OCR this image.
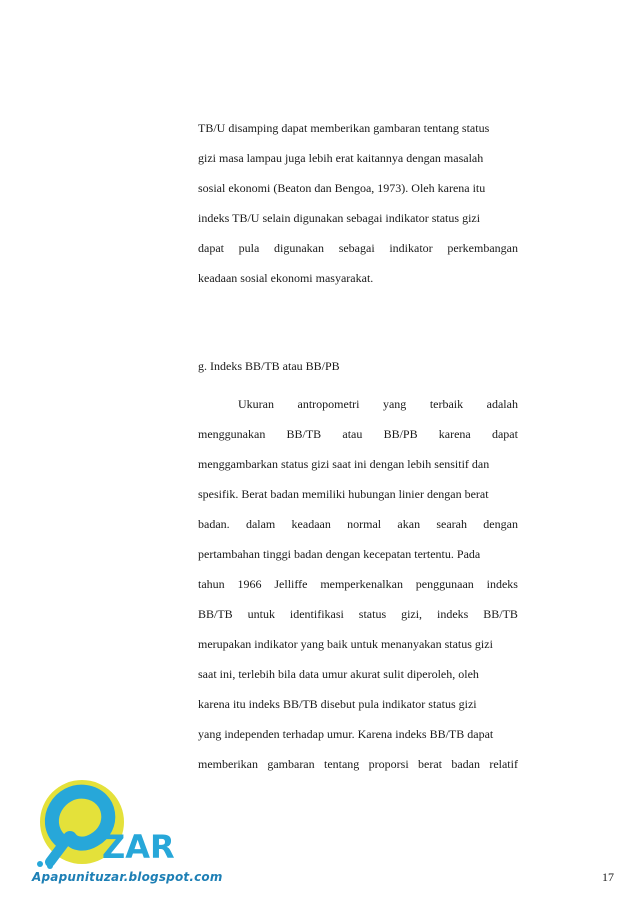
TB/U disamping dapat memberikan gambaran tentang status
gizi masa lampau juga lebih erat kaitannya dengan masalah
sosial ekonomi (Beaton dan Bengoa, 1973). Oleh karena itu
indeks TB/U selain digunakan sebagai indikator status gizi
dapat pula digunakan sebagai indikator perkembangan
keadaan sosial ekonomi masyarakat.
g. Indeks BB/TB atau BB/PB
Ukuran antropometri yang terbaik adalah
menggunakan BB/TB atau BB/PB karena dapat
menggambarkan status gizi saat ini dengan lebih sensitif dan
spesifik. Berat badan memiliki hubungan linier dengan berat
badan. dalam keadaan normal akan searah dengan
pertambahan tinggi badan dengan kecepatan tertentu. Pada
tahun 1966 Jelliffe memperkenalkan penggunaan indeks
BB/TB untuk identifikasi status gizi, indeks BB/TB
merupakan indikator yang baik untuk menanyakan status gizi
saat ini, terlebih bila data umur akurat sulit diperoleh, oleh
karena itu indeks BB/TB disebut pula indikator status gizi
yang independen terhadap umur. Karena indeks BB/TB dapat
memberikan gambaran tentang proporsi berat badan relatif
ZAR
Apapunituzar.blogspot.com	17
